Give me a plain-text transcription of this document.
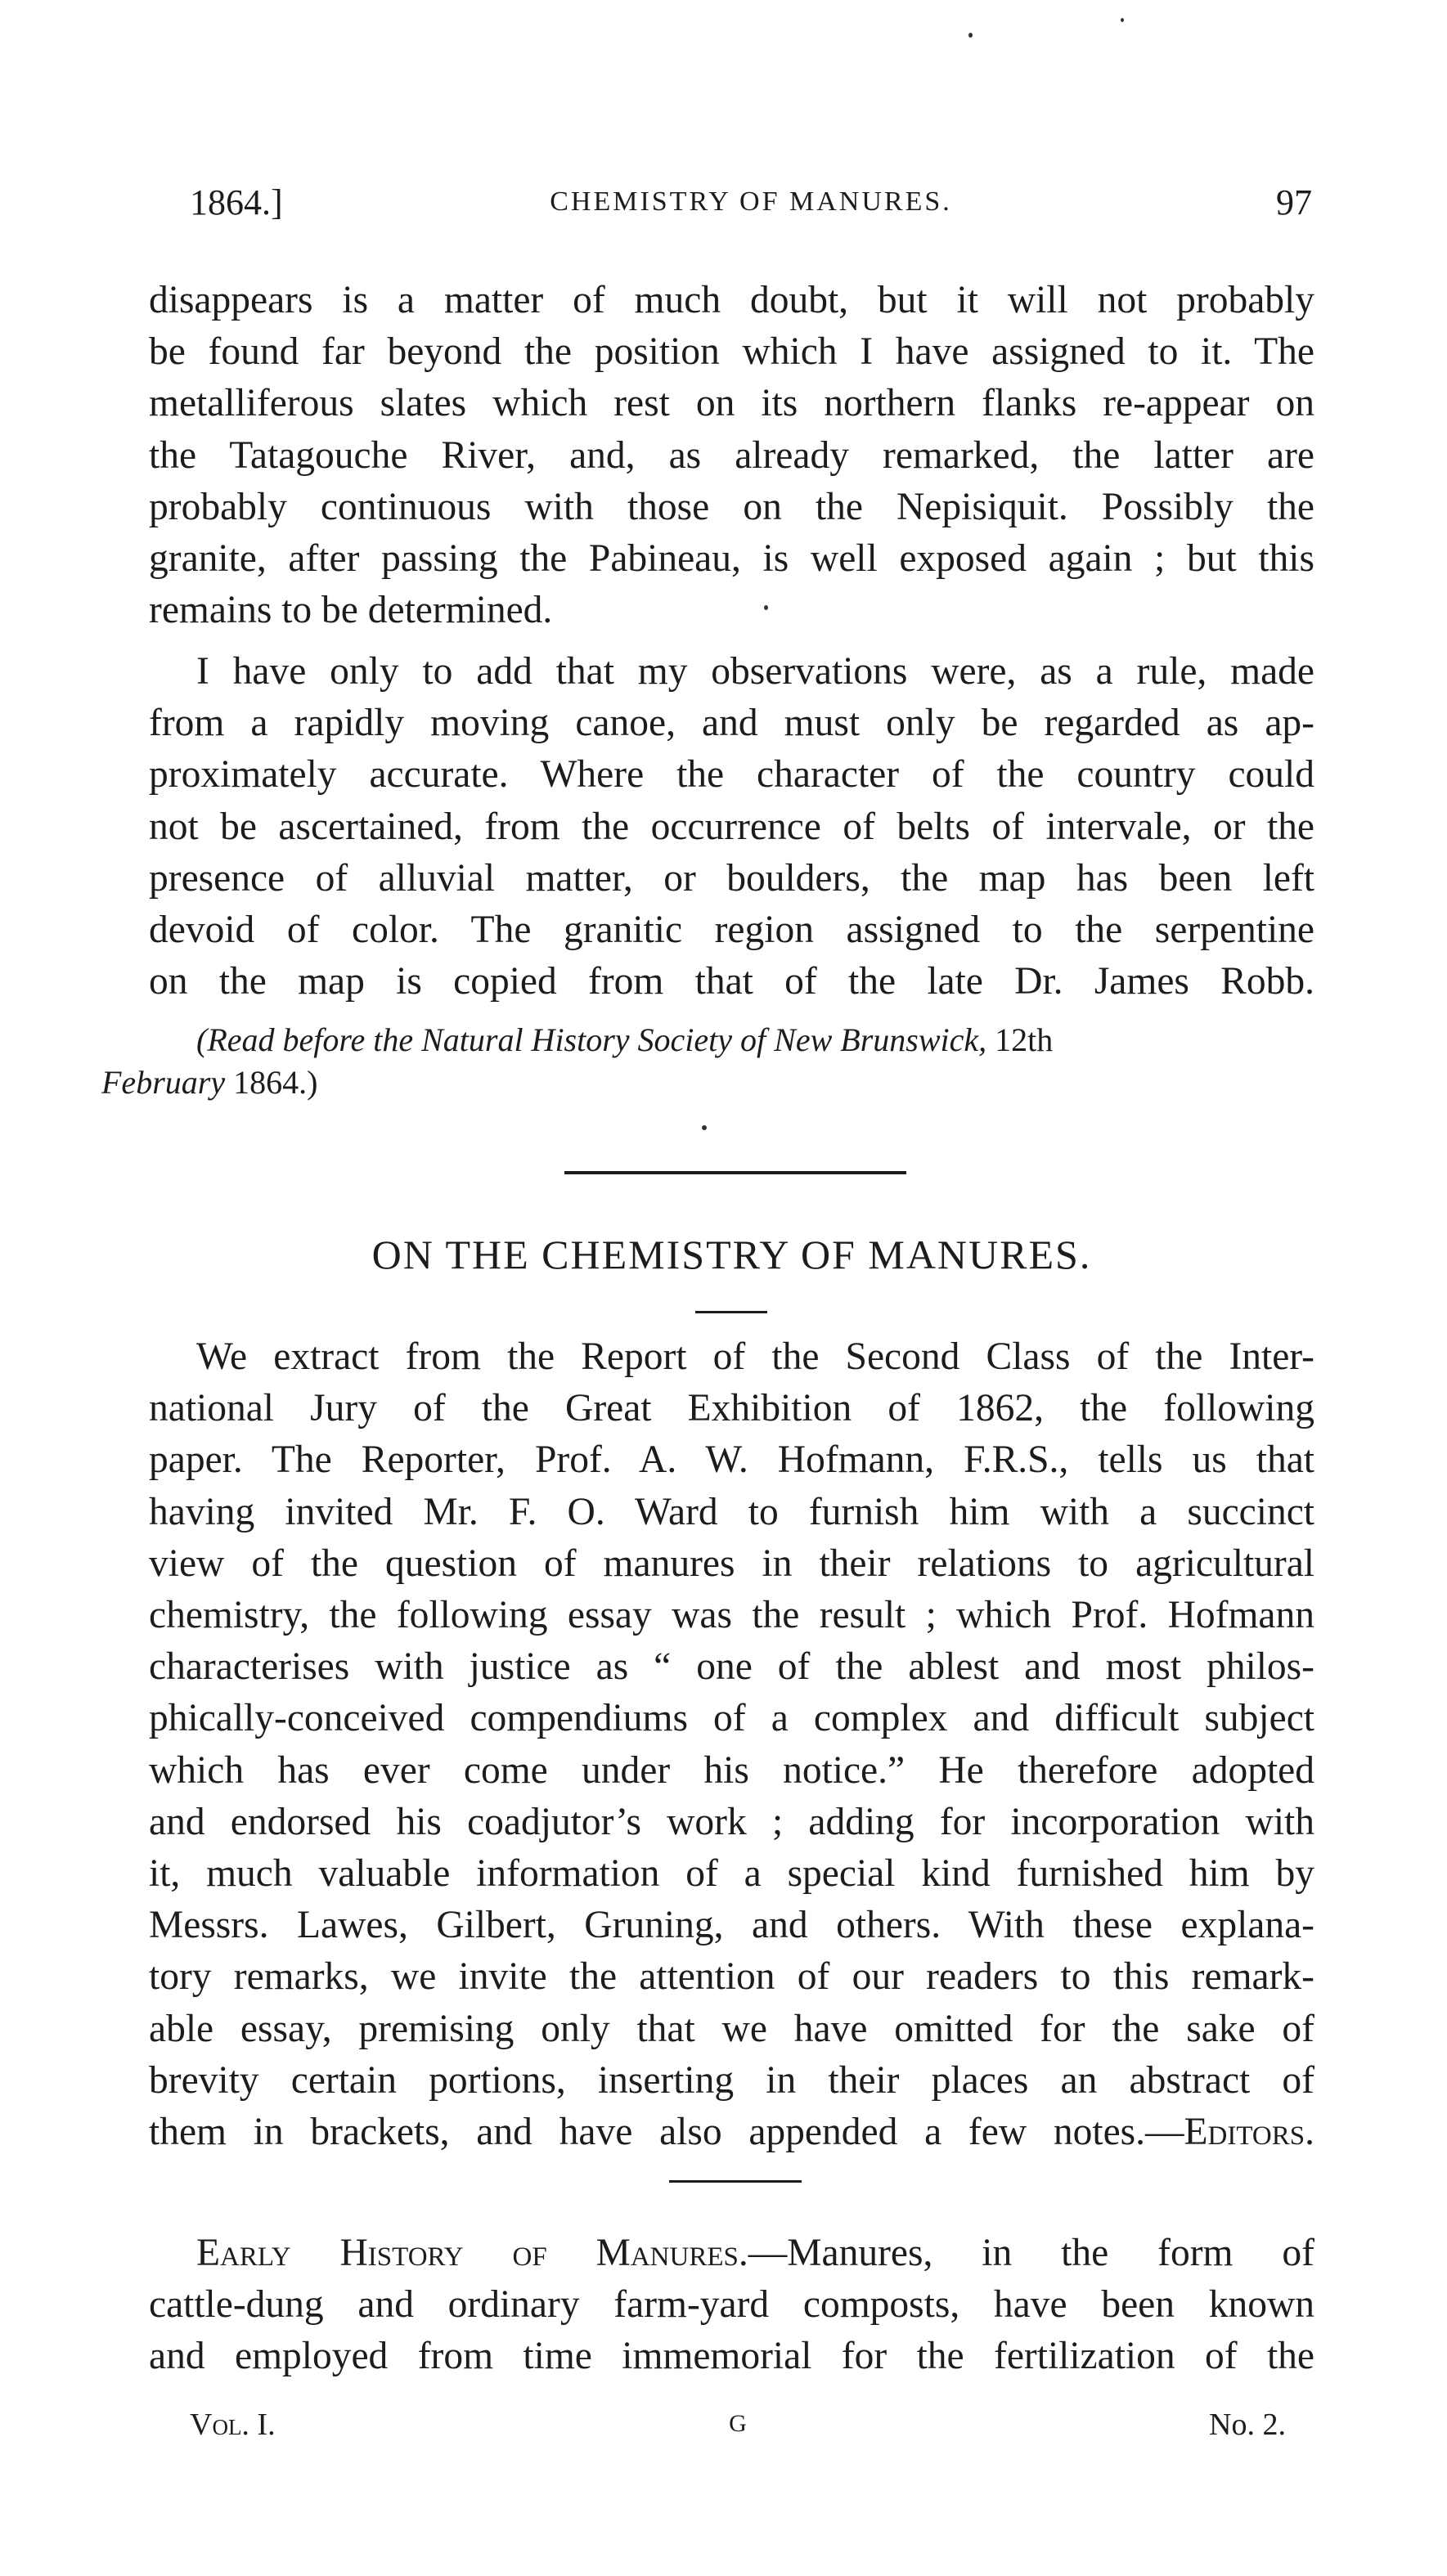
1864.]	CHEMISTRY OF MANURES.	97

disappears is a matter of much doubt, but it will not probably

be found far beyond the position which I have assigned to it. The

metalliferous slates which rest on its northern flanks re-appear on

the Tatagouche River, and, as already remarked, the latter are

probably continuous with those on the Nepisiquit. Possibly the

granite, after passing the Pabineau, is well exposed again ; but this

remains to be determined.

I have only to add that my observations were, as a rule, made

from a rapidly moving canoe, and must only be regarded as ap-

proximately accurate. Where the character of the country could

not be ascertained, from the occurrence of belts of intervale, or the

presence of alluvial matter, or boulders, the map has been left

devoid of color. The granitic region assigned to the serpentine

on the map is copied from that of the late Dr. James Robb.

(Read before the Natural History Society of New Brunswick, 12th
February 1864.)
ON THE CHEMISTRY OF MANURES.

We extract from the Report of the Second Class of the Inter-

national Jury of the Great Exhibition of 1862, the following

paper. The Reporter, Prof. A. W. Hofmann, F.R.S., tells us that

having invited Mr. F. O. Ward to furnish him with a succinct

view of the question of manures in their relations to agricultural

chemistry, the following essay was the result ; which Prof. Hofmann

characterises with justice as “ one of the ablest and most philos-

phically-conceived compendiums of a complex and difficult subject

which has ever come under his notice.” He therefore adopted

and endorsed his coadjutor’s work ; adding for incorporation with

it, much valuable information of a special kind furnished him by

Messrs. Lawes, Gilbert, Gruning, and others. With these explana-

tory remarks, we invite the attention of our readers to this remark-

able essay, premising only that we have omitted for the sake of

brevity certain portions, inserting in their places an abstract of

them in brackets, and have also appended a few notes.—Editors.

Early History of Manures.—Manures, in the form of

cattle-dung and ordinary farm-yard composts, have been known

and employed from time immemorial for the fertilization of the

Vol. I.	G	No. 2.
